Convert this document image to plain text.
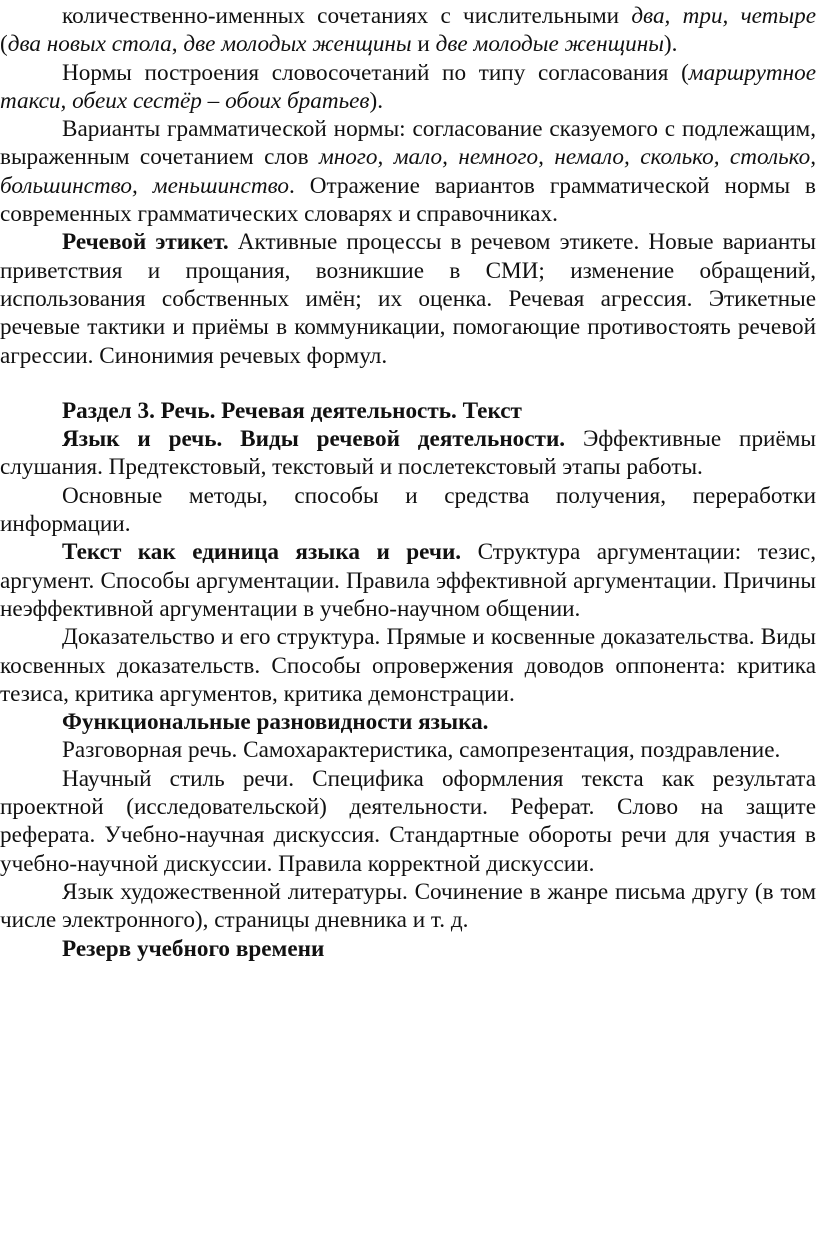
количественно-именных сочетаниях с числительными два, три, четыре (два новых стола, две молодых женщины и две молодые женщины).

Нормы построения словосочетаний по типу согласования (маршрутное такси, обеих сестёр – обоих братьев).

Варианты грамматической нормы: согласование сказуемого с подлежащим, выраженным сочетанием слов много, мало, немного, немало, сколько, столько, большинство, меньшинство. Отражение вариантов грамматической нормы в современных грамматических словарях и справочниках.

Речевой этикет. Активные процессы в речевом этикете. Новые варианты приветствия и прощания, возникшие в СМИ; изменение обращений, использования собственных имён; их оценка. Речевая агрессия. Этикетные речевые тактики и приёмы в коммуникации, помогающие противостоять речевой агрессии. Синонимия речевых формул.

Раздел 3. Речь. Речевая деятельность. Текст

Язык и речь. Виды речевой деятельности. Эффективные приёмы слушания. Предтекстовый, текстовый и послетекстовый этапы работы.

Основные методы, способы и средства получения, переработки информации.

Текст как единица языка и речи. Структура аргументации: тезис, аргумент. Способы аргументации. Правила эффективной аргументации. Причины неэффективной аргументации в учебно-научном общении.

Доказательство и его структура. Прямые и косвенные доказательства. Виды косвенных доказательств. Способы опровержения доводов оппонента: критика тезиса, критика аргументов, критика демонстрации.

Функциональные разновидности языка.

Разговорная речь. Самохарактеристика, самопрезентация, поздравление.

Научный стиль речи. Специфика оформления текста как результата проектной (исследовательской) деятельности. Реферат. Слово на защите реферата. Учебно-научная дискуссия. Стандартные обороты речи для участия в учебно-научной дискуссии. Правила корректной дискуссии.

Язык художественной литературы. Сочинение в жанре письма другу (в том числе электронного), страницы дневника и т. д.

Резерв учебного времени
